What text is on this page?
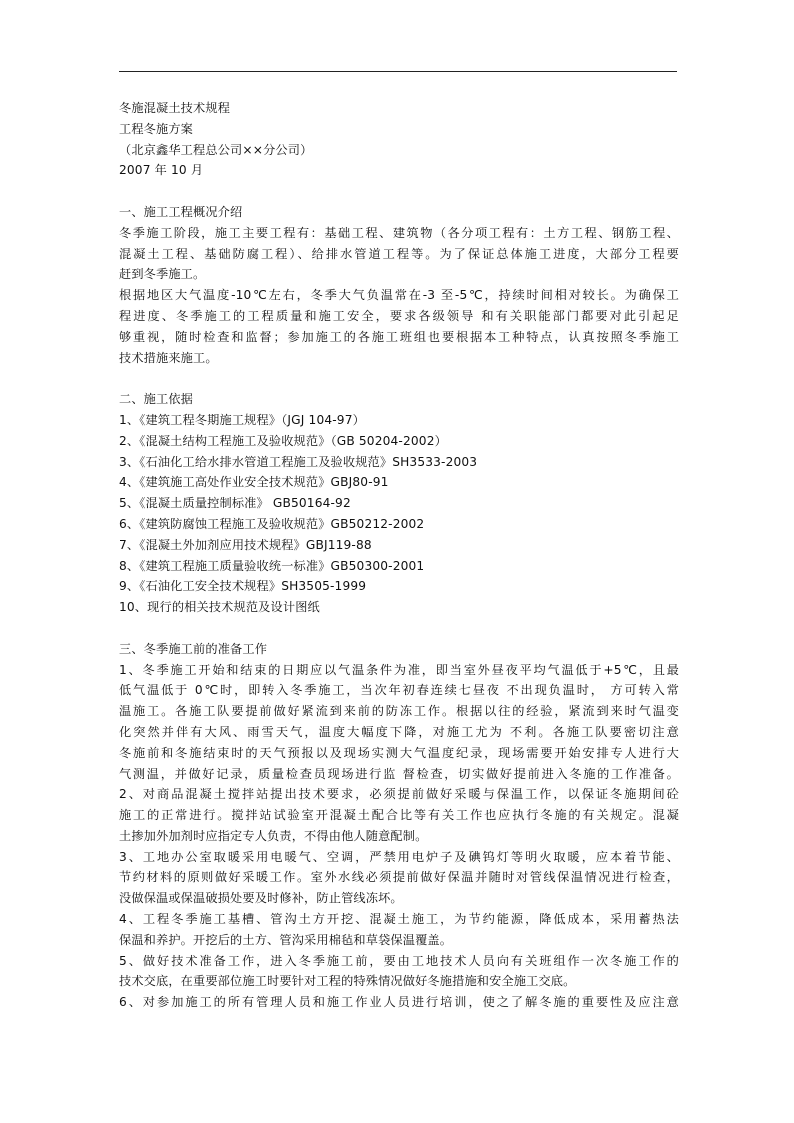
冬施混凝土技术规程
工程冬施方案
（北京鑫华工程总公司××分公司）
2007 年 10 月
一、施工工程概况介绍
冬季施工阶段，施工主要工程有：基础工程、建筑物（各分项工程有：土方工程、钢筋工程、
混凝土工程、基础防腐工程）、给排水管道工程等。为了保证总体施工进度，大部分工程要
赶到冬季施工。
根据地区大气温度-10℃左右，冬季大气负温常在-3 至-5℃，持续时间相对较长。为确保工
程进度、冬季施工的工程质量和施工安全，要求各级领导 和有关职能部门都要对此引起足
够重视，随时检查和监督；参加施工的各施工班组也要根据本工种特点，认真按照冬季施工
技术措施来施工。
二、施工依据
1、《建筑工程冬期施工规程》（JGJ 104-97）
2、《混凝土结构工程施工及验收规范》（GB 50204-2002）
3、《石油化工给水排水管道工程施工及验收规范》SH3533-2003
4、《建筑施工高处作业安全技术规范》GBJ80-91
5、《混凝土质量控制标准》 GB50164-92
6、《建筑防腐蚀工程施工及验收规范》GB50212-2002
7、《混凝土外加剂应用技术规程》GBJ119-88
8、《建筑工程施工质量验收统一标准》GB50300-2001
9、《石油化工安全技术规程》SH3505-1999
10、现行的相关技术规范及设计图纸
三、冬季施工前的准备工作
1、冬季施工开始和结束的日期应以气温条件为准，即当室外昼夜平均气温低于+5℃，且最
低气温低于 0℃时，即转入冬季施工，当次年初春连续七昼夜 不出现负温时， 方可转入常
温施工。各施工队要提前做好紧流到来前的防冻工作。根据以往的经验，紧流到来时气温变
化突然并伴有大风、雨雪天气，温度大幅度下降，对施工尤为 不利。各施工队要密切注意
冬施前和冬施结束时的天气预报以及现场实测大气温度纪录，现场需要开始安排专人进行大
气测温，并做好记录，质量检查员现场进行监 督检查，切实做好提前进入冬施的工作准备。
2、对商品混凝土搅拌站提出技术要求，必须提前做好采暖与保温工作，以保证冬施期间砼
施工的正常进行。搅拌站试验室开混凝土配合比等有关工作也应执行冬施的有关规定。混凝
土掺加外加剂时应指定专人负责，不得由他人随意配制。
3、工地办公室取暖采用电暖气、空调，严禁用电炉子及碘钨灯等明火取暖，应本着节能、
节约材料的原则做好采暖工作。室外水线必须提前做好保温并随时对管线保温情况进行检查，
没做保温或保温破损处要及时修补，防止管线冻坏。
4、工程冬季施工基槽、管沟土方开挖、混凝土施工，为节约能源，降低成本，采用蓄热法
保温和养护。开挖后的土方、管沟采用棉毡和草袋保温覆盖。
5、做好技术准备工作，进入冬季施工前，要由工地技术人员向有关班组作一次冬施工作的
技术交底，在重要部位施工时要针对工程的特殊情况做好冬施措施和安全施工交底。
6、对参加施工的所有管理人员和施工作业人员进行培训，使之了解冬施的重要性及应注意
